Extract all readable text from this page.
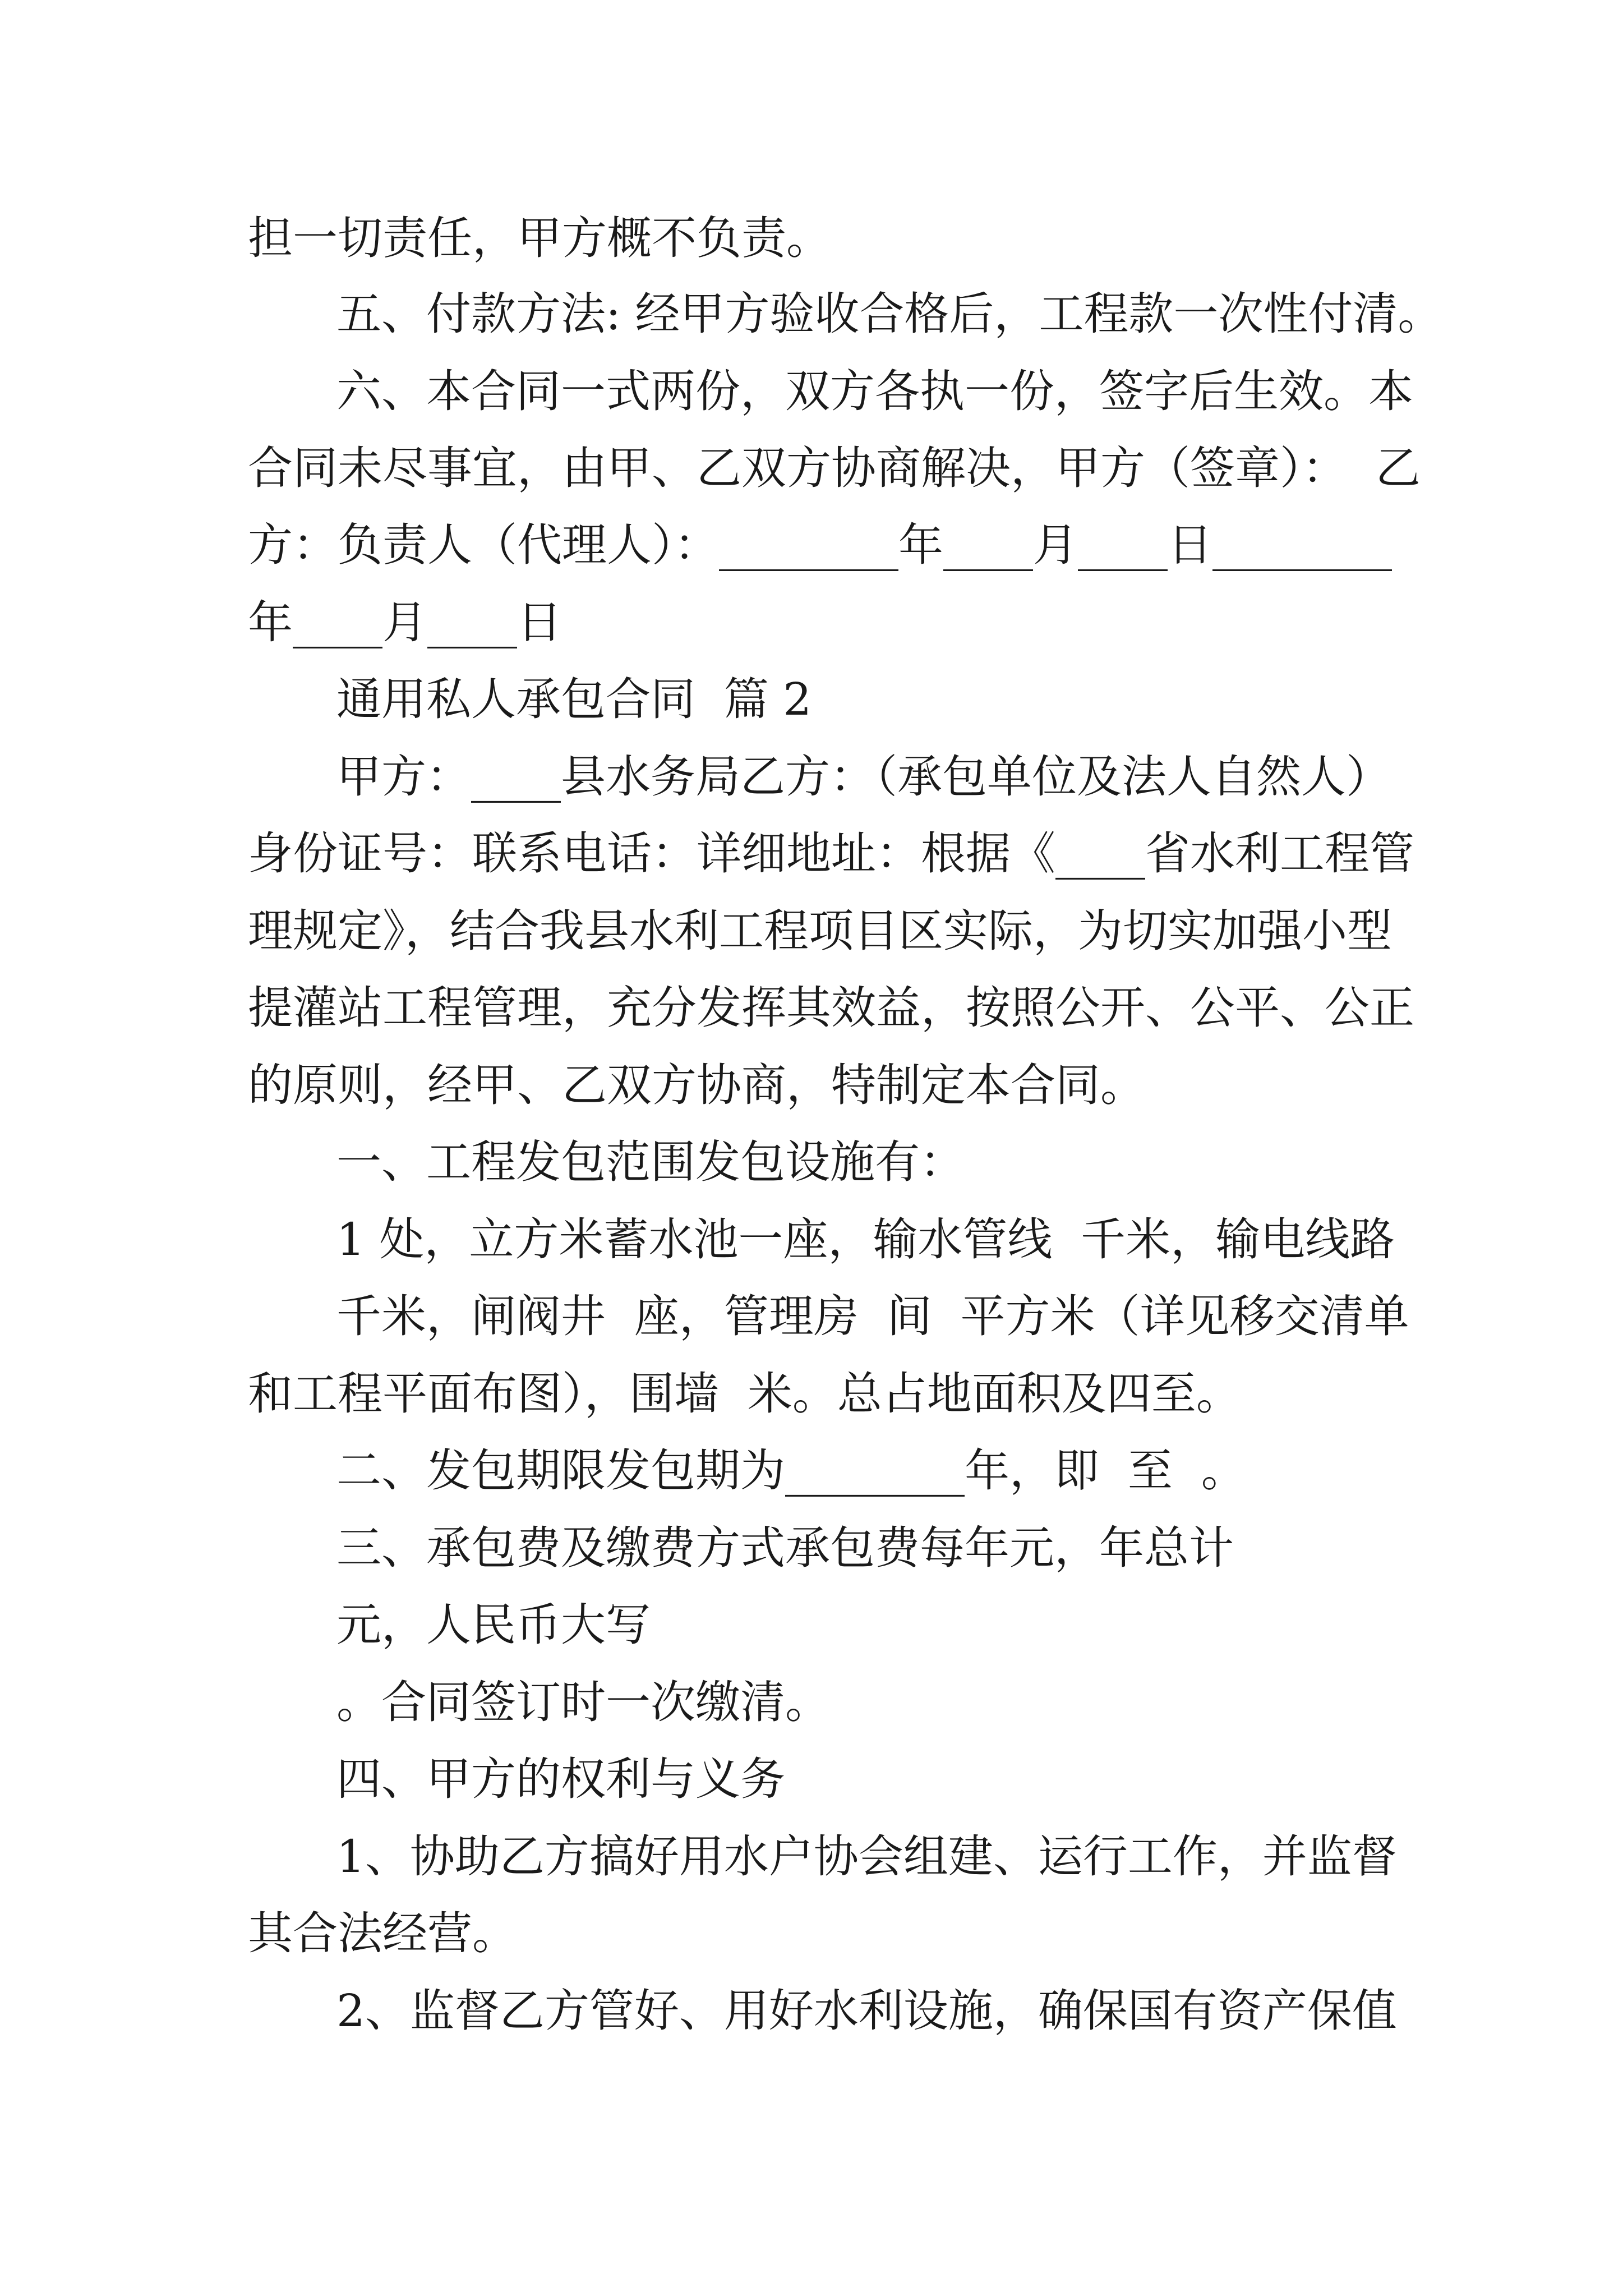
担一切责任，甲方概不负责。

五、付款方法: 经甲方验收合格后，工程款一次性付清。

六、本合同一式两份，双方各执一份，签字后生效。本

合同未尽事宜，由甲、乙双方协商解决，甲方（签章）：  乙

方：负责人（代理人）：________年____月____日________

年____月____日

通用私人承包合同  篇 2

甲方：____县水务局乙方：（承包单位及法人自然人）

身份证号：联系电话：详细地址：根据《____省水利工程管

理规定》，结合我县水利工程项目区实际，为切实加强小型

提灌站工程管理，充分发挥其效益，按照公开、公平、公正

的原则，经甲、乙双方协商，特制定本合同。

一、工程发包范围发包设施有：

1 处，立方米蓄水池一座，输水管线  千米，输电线路

千米，闸阀井  座，管理房  间  平方米（详见移交清单

和工程平面布图），围墙  米。总占地面积及四至。

二、发包期限发包期为________年，即  至  。

三、承包费及缴费方式承包费每年元，年总计

元，人民币大写

。合同签订时一次缴清。

四、甲方的权利与义务

1、协助乙方搞好用水户协会组建、运行工作，并监督

其合法经营。

2、监督乙方管好、用好水利设施，确保国有资产保值
